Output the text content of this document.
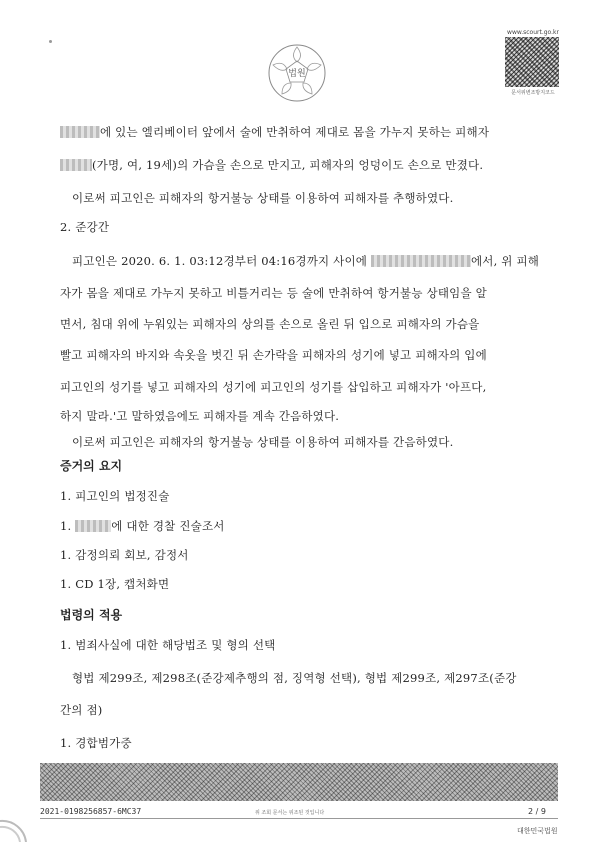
법원
www.scourt.go.kr
문서위변조방지코드
에 있는 엘리베이터 앞에서 술에 만취하여 제대로 몸을 가누지 못하는 피해자
(가명, 여, 19세)의 가슴을 손으로 만지고, 피해자의 엉덩이도 손으로 만졌다.
이로써 피고인은 피해자의 항거불능 상태를 이용하여 피해자를 추행하였다.
2. 준강간
피고인은 2020. 6. 1. 03:12경부터 04:16경까지 사이에	에서, 위 피해
자가 몸을 제대로 가누지 못하고 비틀거리는 등 술에 만취하여 항거불능 상태임을 알
면서, 침대 위에 누워있는 피해자의 상의를 손으로 올린 뒤 입으로 피해자의 가슴을
빨고 피해자의 바지와 속옷을 벗긴 뒤 손가락을 피해자의 성기에 넣고 피해자의 입에
피고인의 성기를 넣고 피해자의 성기에 피고인의 성기를 삽입하고 피해자가 '아프다,
하지 말라.'고 말하였음에도 피해자를 계속 간음하였다.
이로써 피고인은 피해자의 항거불능 상태를 이용하여 피해자를 간음하였다.
증거의 요지
1. 피고인의 법정진술
1.	에 대한 경찰 진술조서
1. 감정의뢰 회보, 감정서
1. CD 1장, 캡처화면
법령의 적용
1. 범죄사실에 대한 해당법조 및 형의 선택
형법 제299조, 제298조(준강제추행의 점, 징역형 선택), 형법 제299조, 제297조(준강
간의 점)
2021-0198256857-6MC37	위 조회 문서는 위조된 것입니다	2 / 9
대한민국법원
1. 경합범가중
